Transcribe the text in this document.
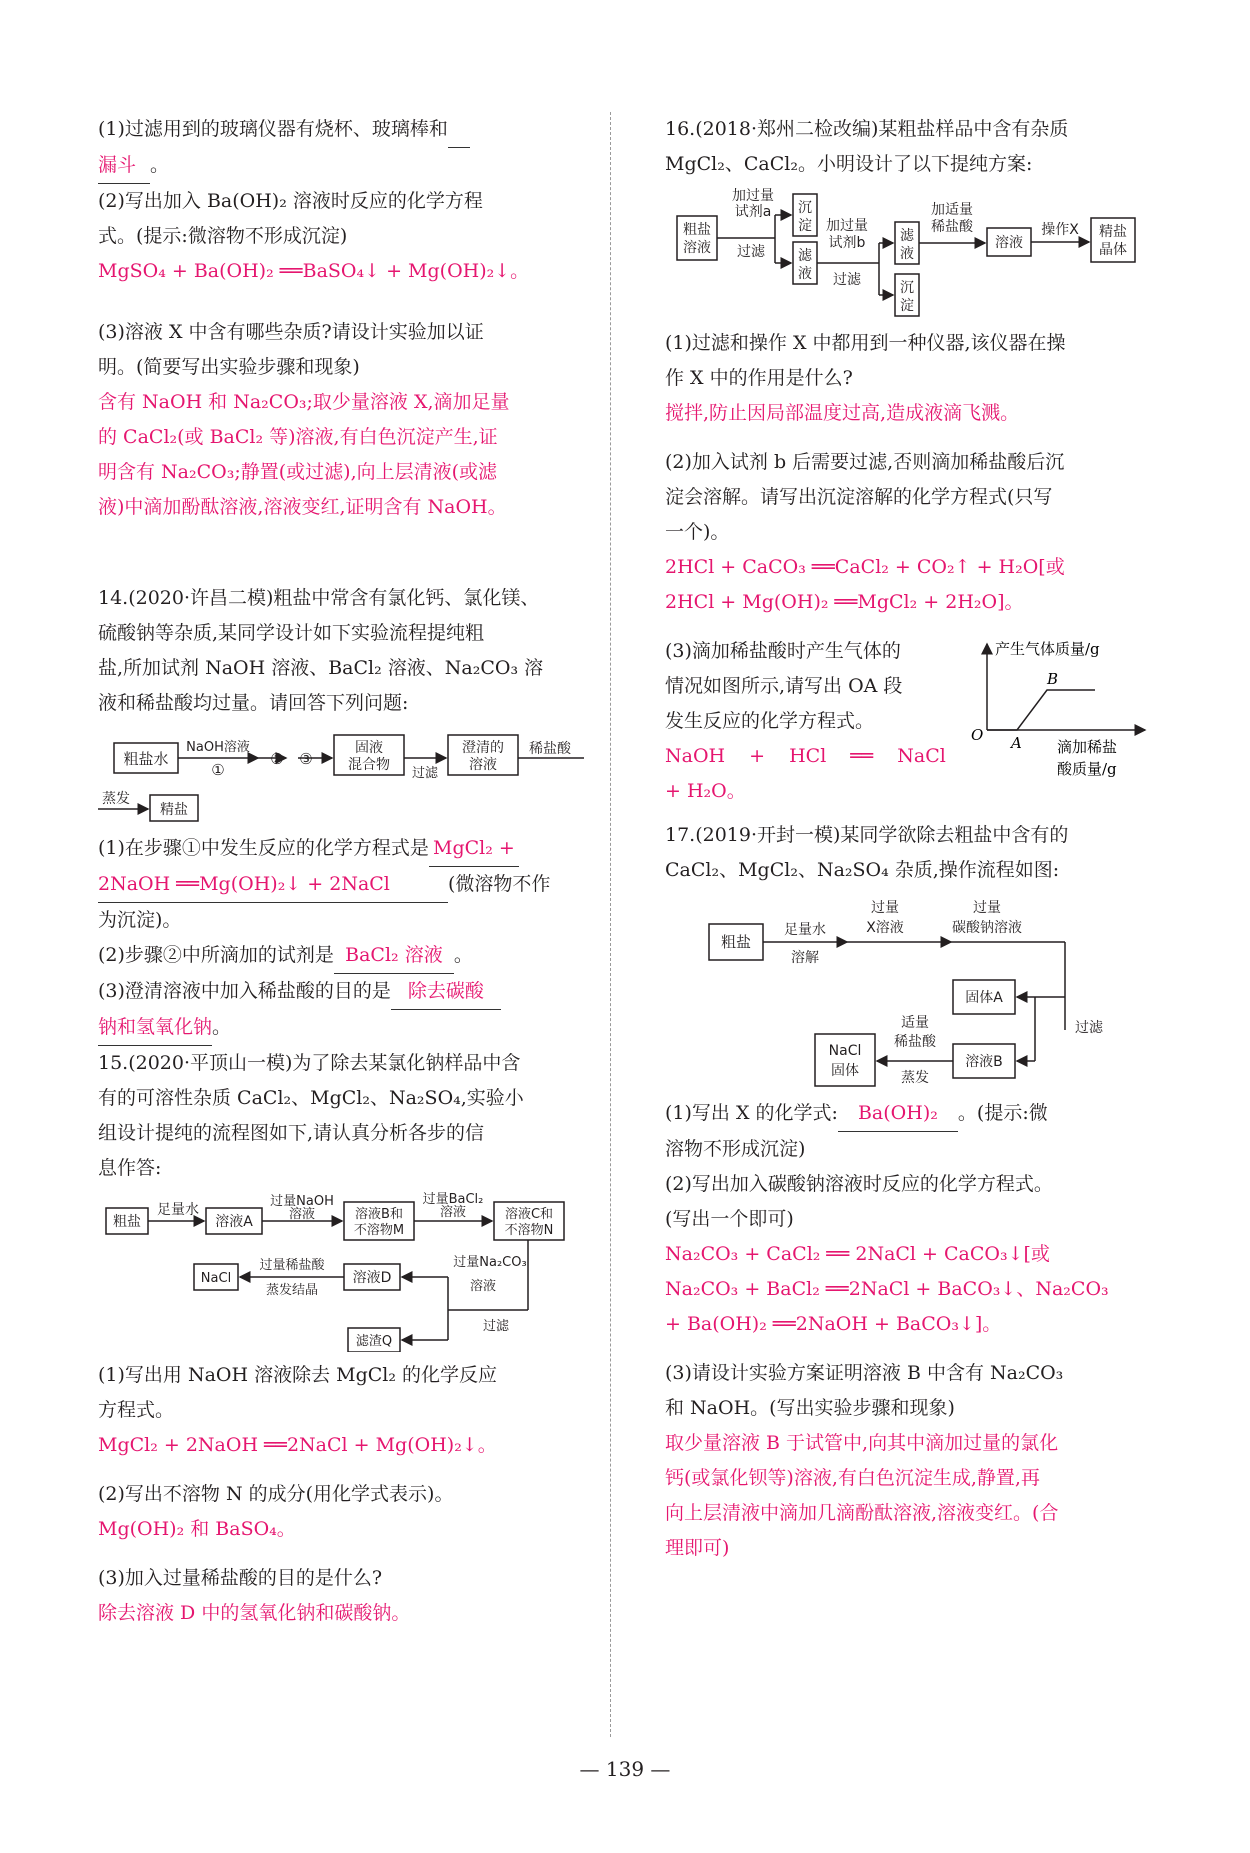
(1)过滤用到的玻璃仪器有烧杯、玻璃棒和

漏斗 。

(2)写出加入 Ba(OH)₂ 溶液时反应的化学方程

式。(提示:微溶物不形成沉淀)

MgSO₄ + Ba(OH)₂ ══BaSO₄↓ + Mg(OH)₂↓。

(3)溶液 X 中含有哪些杂质?请设计实验加以证

明。(简要写出实验步骤和现象)

含有 NaOH 和 Na₂CO₃;取少量溶液 X,滴加足量

的 CaCl₂(或 BaCl₂ 等)溶液,有白色沉淀产生,证

明含有 Na₂CO₃;静置(或过滤),向上层清液(或滤

液)中滴加酚酞溶液,溶液变红,证明含有 NaOH。

14.(2020·许昌二模)粗盐中常含有氯化钙、氯化镁、

硫酸钠等杂质,某同学设计如下实验流程提纯粗

盐,所加试剂 NaOH 溶液、BaCl₂ 溶液、Na₂CO₃ 溶

液和稀盐酸均过量。请回答下列问题:

粗盐水
NaOH溶液
①
② ③
固液
混合物
过滤
澄清的
溶液
稀盐酸
蒸发
精盐

(1)在步骤①中发生反应的化学方程式是 MgCl₂ +

2NaOH ══Mg(OH)₂↓ + 2NaCl	(微溶物不作

为沉淀)。

(2)步骤②中所滴加的试剂是 BaCl₂ 溶液 。

(3)澄清溶液中加入稀盐酸的目的是 除去碳酸

钠和氢氧化钠。

15.(2020·平顶山一模)为了除去某氯化钠样品中含

有的可溶性杂质 CaCl₂、MgCl₂、Na₂SO₄,实验小

组设计提纯的流程图如下,请认真分析各步的信

息作答:

粗盐
足量水
溶液A
过量NaOH
溶液	溶液B和
不溶物M
过量BaCl₂
溶液	溶液C和
不溶物N
过量Na₂CO₃
溶液
溶液D
过量稀盐酸
蒸发结晶
NaCl
过滤
滤渣Q

(1)写出用 NaOH 溶液除去 MgCl₂ 的化学反应

方程式。

MgCl₂ + 2NaOH ══2NaCl + Mg(OH)₂↓。

(2)写出不溶物 N 的成分(用化学式表示)。

Mg(OH)₂ 和 BaSO₄。

(3)加入过量稀盐酸的目的是什么?

除去溶液 D 中的氢氧化钠和碳酸钠。

16.(2018·郑州二检改编)某粗盐样品中含有杂质

MgCl₂、CaCl₂。小明设计了以下提纯方案:

粗盐
溶液
加过量
试剂a
过滤
沉
淀
滤
液
加过量
试剂b
过滤
滤
液
沉
淀
加适量
稀盐酸
溶液
操作X 精盐
晶体

(1)过滤和操作 X 中都用到一种仪器,该仪器在操

作 X 中的作用是什么?

搅拌,防止因局部温度过高,造成液滴飞溅。

(2)加入试剂 b 后需要过滤,否则滴加稀盐酸后沉

淀会溶解。请写出沉淀溶解的化学方程式(只写

一个)。

2HCl + CaCO₃ ══CaCl₂ + CO₂↑ + H₂O[或

2HCl + Mg(OH)₂ ══MgCl₂ + 2H₂O]。

(3)滴加稀盐酸时产生气体的

情况如图所示,请写出 OA 段

发生反应的化学方程式。

NaOH + HCl ══ NaCl

+ H₂O。

产生气体质量/g
B
O A 滴加稀盐
酸质量/g

17.(2019·开封一模)某同学欲除去粗盐中含有的

CaCl₂、MgCl₂、Na₂SO₄ 杂质,操作流程如图:

粗盐
足量水
溶解
过量
X溶液
过量
碳酸钠溶液
固体A
过滤
溶液B
适量
稀盐酸
蒸发
NaCl
固体

(1)写出 X 的化学式: Ba(OH)₂ 。(提示:微

溶物不形成沉淀)

(2)写出加入碳酸钠溶液时反应的化学方程式。

(写出一个即可)

Na₂CO₃ + CaCl₂ ══ 2NaCl + CaCO₃↓[或

Na₂CO₃ + BaCl₂ ══2NaCl + BaCO₃↓、Na₂CO₃

+ Ba(OH)₂ ══2NaOH + BaCO₃↓]。

(3)请设计实验方案证明溶液 B 中含有 Na₂CO₃

和 NaOH。(写出实验步骤和现象)

取少量溶液 B 于试管中,向其中滴加过量的氯化

钙(或氯化钡等)溶液,有白色沉淀生成,静置,再

向上层清液中滴加几滴酚酞溶液,溶液变红。(合

理即可)

— 139 —
